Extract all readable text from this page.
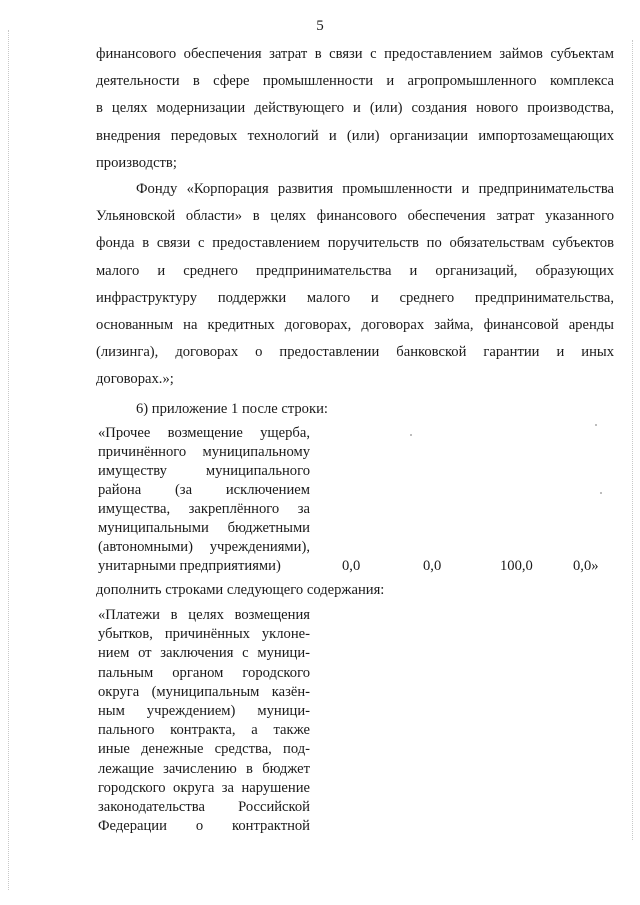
5
финансового обеспечения затрат в связи с предоставлением займов субъектам
деятельности в сфере промышленности и агропромышленного комплекса
в целях модернизации действующего и (или) создания нового производства,
внедрения передовых технологий и (или) организации импортозамещающих
производств;
Фонду «Корпорация развития промышленности и предпринимательства
Ульяновской области» в целях финансового обеспечения затрат указанного
фонда в связи с предоставлением поручительств по обязательствам субъектов
малого и среднего предпринимательства и организаций, образующих
инфраструктуру поддержки малого и среднего предпринимательства,
основанным на кредитных договорах, договорах займа, финансовой аренды
(лизинга), договорах о предоставлении банковской гарантии и иных
договорах.»;
6) приложение 1 после строки:
«Прочее возмещение ущерба,
причинённого муниципальному
имуществу муниципального
района (за исключением
имущества, закреплённого за
муниципальными бюджетными
(автономными) учреждениями),
унитарными предприятиями)	0,0	0,0	100,0	0,0»
дополнить строками следующего содержания:
«Платежи в целях возмещения
убытков, причинённых уклоне-
нием от заключения с муници-
пальным органом городского
округа (муниципальным казён-
ным учреждением) муници-
пального контракта, а также
иные денежные средства, под-
лежащие зачислению в бюджет
городского округа за нарушение
законодательства Российской
Федерации о контрактной
